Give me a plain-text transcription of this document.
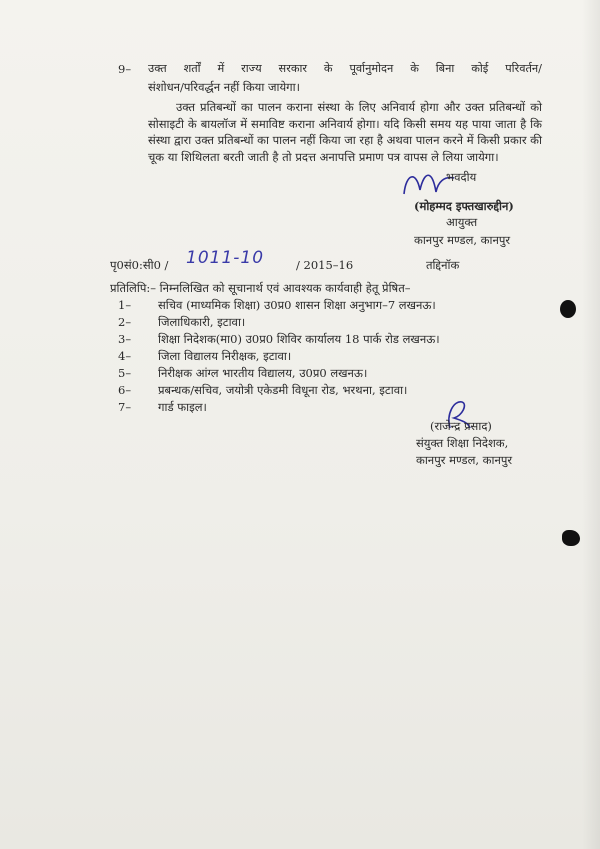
9– उक्त शर्तों में राज्य सरकार के पूर्वानुमोदन के बिना कोई परिवर्तन/
संशोधन/परिवर्द्धन नहीं किया जायेगा।
उक्त प्रतिबन्धों का पालन कराना संस्था के लिए अनिवार्य होगा और उक्त प्रतिबन्धों को सोसाइटी के बायलॉज में समाविष्ट कराना अनिवार्य होगा। यदि किसी समय यह पाया जाता है कि संस्था द्वारा उक्त प्रतिबन्धों का पालन नहीं किया जा रहा है अथवा पालन करने में किसी प्रकार की चूक या शिथिलता बरती जाती है तो प्रदत्त अनापत्ति प्रमाण पत्र वापस ले लिया जायेगा।
भवदीय
(मोहम्मद इफ्तखारुद्दीन)
आयुक्त
कानपुर मण्डल, कानपुर
पृ0सं0:सी0 / 1011-10	/ 2015–16	तद्दिनॉक
प्रतिलिपि:– निम्नलिखित को सूचानार्थ एवं आवश्यक कार्यवाही हेतू प्रेषित–
1– सचिव (माध्यमिक शिक्षा) उ0प्र0 शासन शिक्षा अनुभाग–7 लखनऊ।
2– जिलाधिकारी, इटावा।
3– शिक्षा निदेशक(मा0) उ0प्र0 शिविर कार्यालय 18 पार्क रोड लखनऊ।
4– जिला विद्यालय निरीक्षक, इटावा।
5– निरीक्षक आंग्ल भारतीय विद्यालय, उ0प्र0 लखनऊ।
6– प्रबन्धक/सचिव, जयोत्री एकेडमी विधूना रोड, भरथना, इटावा।
7– गार्ड फाइल।
(राजेन्द्र प्रसाद)
संयुक्त शिक्षा निदेशक,
कानपुर मण्डल, कानपुर
